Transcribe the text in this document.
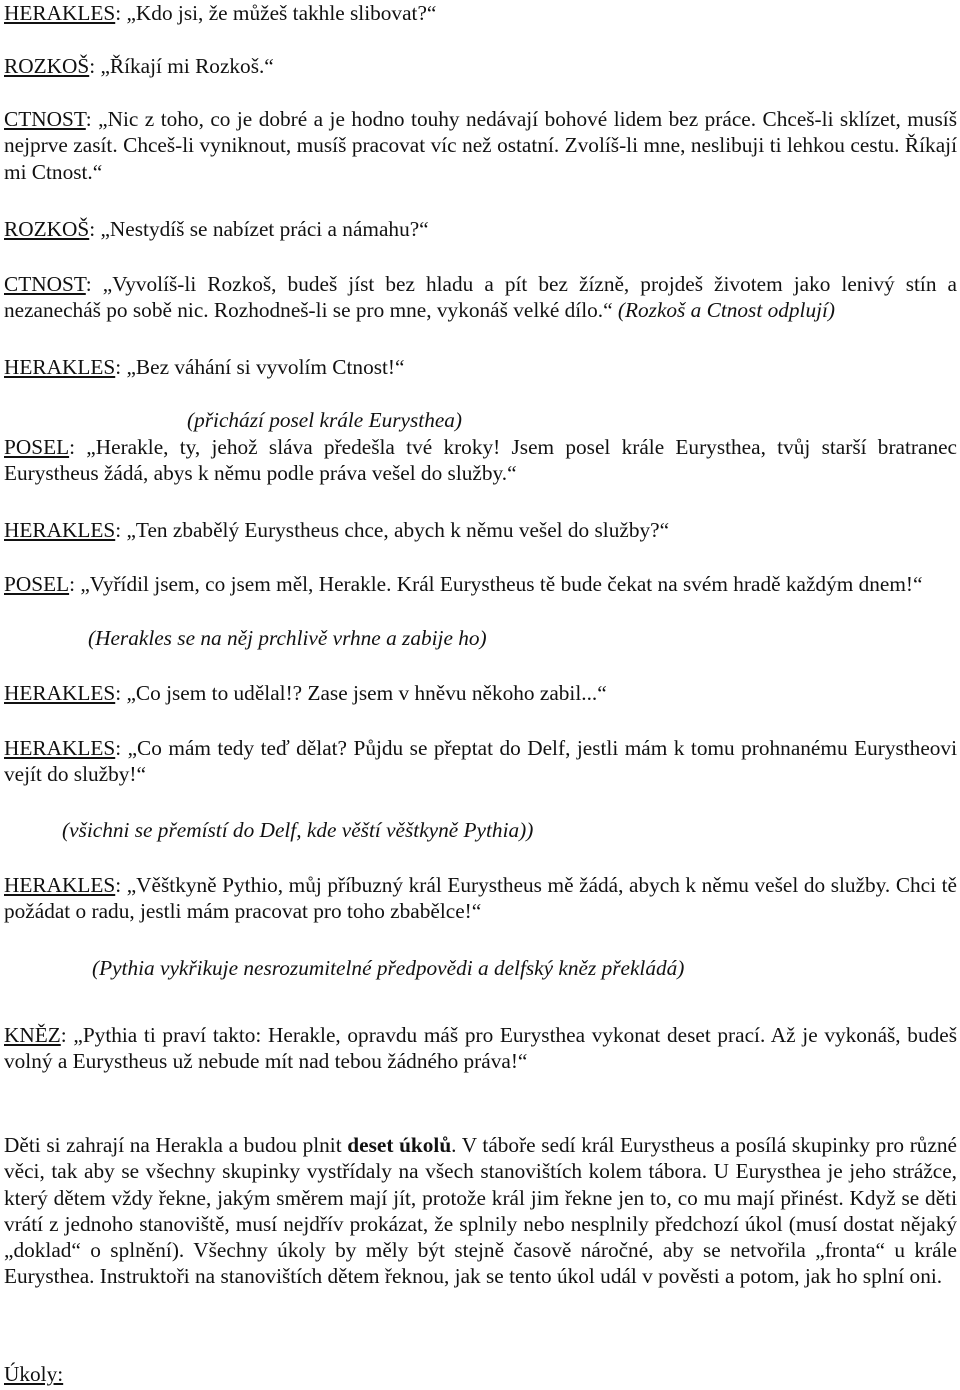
HERAKLES: „Kdo jsi, že můžeš takhle slibovat?“

ROZKOŠ: „Říkají mi Rozkoš.“

CTNOST: „Nic z toho, co je dobré a je hodno touhy nedávají bohové lidem bez práce. Chceš-li sklízet, musíš nejprve zasít. Chceš-li vyniknout, musíš pracovat víc než ostatní. Zvolíš-li mne, neslibuji ti lehkou cestu. Říkají mi Ctnost.“

ROZKOŠ: „Nestydíš se nabízet práci a námahu?“

CTNOST: „Vyvolíš-li Rozkoš, budeš jíst bez hladu a pít bez žízně, projdeš životem jako lenivý stín a nezanecháš po sobě nic. Rozhodneš-li se pro mne, vykonáš velké dílo.“ (Rozkoš a Ctnost odplují)

HERAKLES: „Bez váhání si vyvolím Ctnost!“

(přichází posel krále Eurysthea)

POSEL: „Herakle, ty, jehož sláva předešla tvé kroky! Jsem posel krále Eurysthea, tvůj starší bratranec Eurystheus žádá, abys k němu podle práva vešel do služby.“

HERAKLES: „Ten zbabělý Eurystheus chce, abych k němu vešel do služby?“

POSEL: „Vyřídil jsem, co jsem měl, Herakle. Král Eurystheus tě bude čekat na svém hradě každým dnem!“

(Herakles se na něj prchlivě vrhne a zabije ho)

HERAKLES: „Co jsem to udělal!? Zase jsem v hněvu někoho zabil...“

HERAKLES: „Co mám tedy teď dělat? Půjdu se přeptat do Delf, jestli mám k tomu prohnanému Eurystheovi vejít do služby!“

(všichni se přemístí do Delf, kde věští věštkyně Pythia))

HERAKLES: „Věštkyně Pythio, můj příbuzný král Eurystheus mě žádá, abych k němu vešel do služby. Chci tě požádat o radu, jestli mám pracovat pro toho zbabělce!“

(Pythia vykřikuje nesrozumitelné předpovědi a delfský kněz překládá)

KNĚZ: „Pythia ti praví takto: Herakle, opravdu máš pro Eurysthea vykonat deset prací. Až je vykonáš, budeš volný a Eurystheus už nebude mít nad tebou žádného práva!“

Děti si zahrají na Herakla a budou plnit deset úkolů. V táboře sedí král Eurystheus a posílá skupinky pro různé věci, tak aby se všechny skupinky vystřídaly na všech stanovištích kolem tábora. U Eurysthea je jeho strážce, který dětem vždy řekne, jakým směrem mají jít, protože král jim řekne jen to, co mu mají přinést. Když se děti vrátí z jednoho stanoviště, musí nejdřív prokázat, že splnily nebo nesplnily předchozí úkol (musí dostat nějaký „doklad“ o splnění). Všechny úkoly by měly být stejně časově náročné, aby se netvořila „fronta“ u krále Eurysthea. Instruktoři na stanovištích dětem řeknou, jak se tento úkol udál v pověsti a potom, jak ho splní oni.

Úkoly:
